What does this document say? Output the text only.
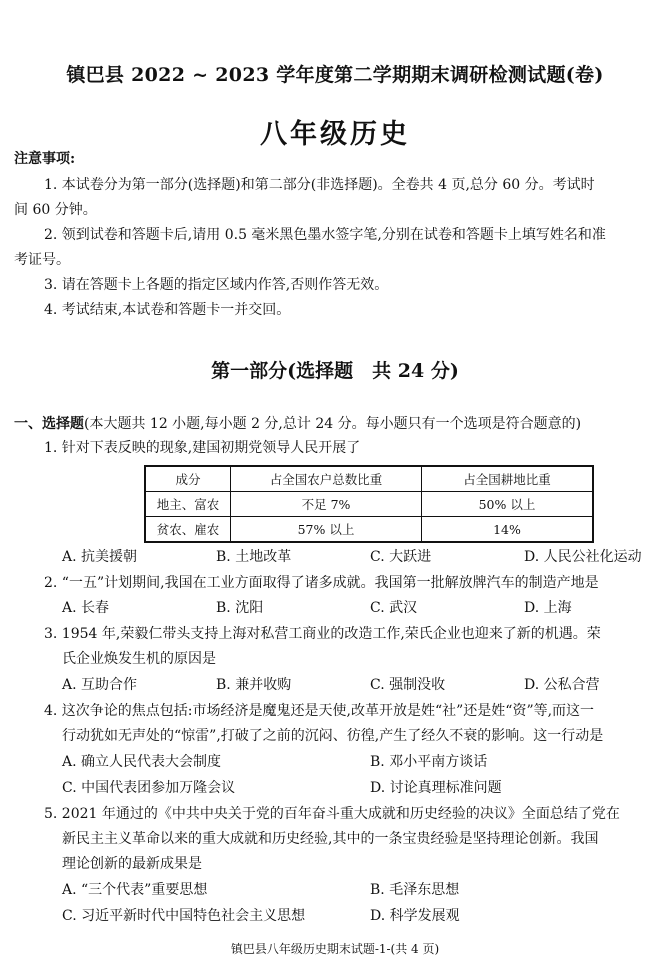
镇巴县 2022 ~ 2023 学年度第二学期期末调研检测试题(卷)
八年级历史
注意事项:
1. 本试卷分为第一部分(选择题)和第二部分(非选择题)。全卷共 4 页,总分 60 分。考试时
间 60 分钟。
2. 领到试卷和答题卡后,请用 0.5 毫米黑色墨水签字笔,分别在试卷和答题卡上填写姓名和准
考证号。
3. 请在答题卡上各题的指定区域内作答,否则作答无效。
4. 考试结束,本试卷和答题卡一并交回。
第一部分(选择题　共 24 分)
一、选择题(本大题共 12 小题,每小题 2 分,总计 24 分。每小题只有一个选项是符合题意的)
1. 针对下表反映的现象,建国初期党领导人民开展了
成分	占全国农户总数比重	占全国耕地比重
地主、富农	不足 7%	50% 以上
贫农、雇农	57% 以上	14%
A. 抗美援朝	B. 土地改革	C. 大跃进	D. 人民公社化运动
2. “一五”计划期间,我国在工业方面取得了诸多成就。我国第一批解放牌汽车的制造产地是
A. 长春	B. 沈阳	C. 武汉	D. 上海
3. 1954 年,荣毅仁带头支持上海对私营工商业的改造工作,荣氏企业也迎来了新的机遇。荣
氏企业焕发生机的原因是
A. 互助合作	B. 兼并收购	C. 强制没收	D. 公私合营
4. 这次争论的焦点包括:市场经济是魔鬼还是天使,改革开放是姓“社”还是姓“资”等,而这一
行动犹如无声处的“惊雷”,打破了之前的沉闷、彷徨,产生了经久不衰的影响。这一行动是
A. 确立人民代表大会制度	B. 邓小平南方谈话
C. 中国代表团参加万隆会议	D. 讨论真理标准问题
5. 2021 年通过的《中共中央关于党的百年奋斗重大成就和历史经验的决议》全面总结了党在
新民主主义革命以来的重大成就和历史经验,其中的一条宝贵经验是坚持理论创新。我国
理论创新的最新成果是
A. “三个代表”重要思想	B. 毛泽东思想
C. 习近平新时代中国特色社会主义思想	D. 科学发展观
镇巴县八年级历史期末试题-1-(共 4 页)
